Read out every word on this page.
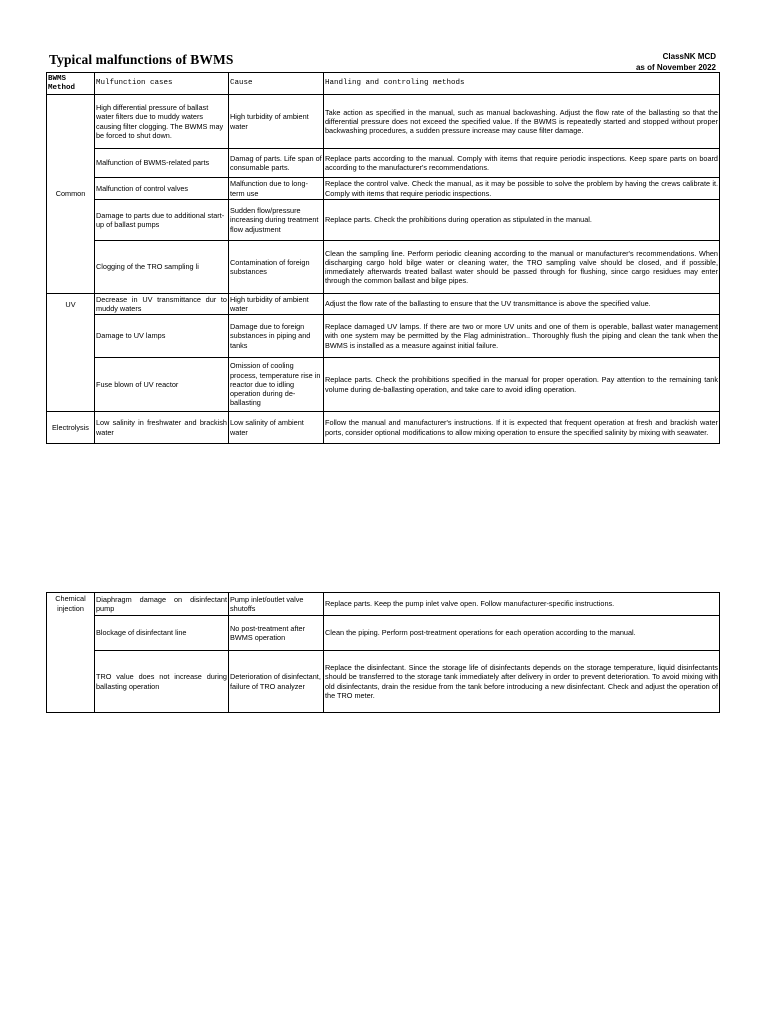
Typical malfunctions of BWMS	ClassNK MCD
as of November 2022
BWMS Method	Mulfunction cases	Cause	Handling and controling methods
Common	High differential pressure of ballast water filters due to muddy waters causing filter clogging. The BWMS may be forced to shut down.	High turbidity of ambient water	Take action as specified in the manual, such as manual backwashing. Adjust the flow rate of the ballasting so that the differential pressure does not exceed the specified value. If the BWMS is repeatedly started and stopped without proper backwashing procedures, a sudden pressure increase may cause filter damage.
	Malfunction of BWMS-related parts	Damag of parts. Life span of consumable parts.	Replace parts according to the manual. Comply with items that require periodic inspections. Keep spare parts on board according to the manufacturer's recommendations.
	Malfunction of control valves	Malfunction due to long-term use	Replace the control valve. Check the manual, as it may be possible to solve the problem by having the crews calibrate it. Comply with items that require periodic inspections.
	Damage to parts due to additional start-up of ballast pumps	Sudden flow/pressure increasing during treatment flow adjustment	Replace parts. Check the prohibitions during operation as stipulated in the manual.
	Clogging of the TRO sampling li	Contamination of foreign substances	Clean the sampling line. Perform periodic cleaning according to the manual or manufacturer's recommendations. When discharging cargo hold bilge water or cleaning water, the TRO sampling valve should be closed, and if possible, immediately afterwards treated ballast water should be passed through for flushing, since cargo residues may enter through the common ballast and bilge pipes.
UV	Decrease in UV transmittance dur to muddy waters	High turbidity of ambient water	Adjust the flow rate of the ballasting to ensure that the UV transmittance is above the specified value.
	Damage to UV lamps	Damage due to foreign substances in piping and tanks	Replace damaged UV lamps. If there are two or more UV units and one of them is operable, ballast water management with one system may be permitted by the Flag administration.. Thoroughly flush the piping and clean the tank when the BWMS is installed as a measure against initial failure.
	Fuse blown of UV reactor	Omission of cooling process, temperature rise in reactor due to idling operation during de-ballasting	Replace parts. Check the prohibitions specified in the manual for proper operation. Pay attention to the remaining tank volume during de-ballasting operation, and take care to avoid idling operation.
Electrolysis	Low salinity in freshwater and brackish water	Low salinity of ambient water	Follow the manual and manufacturer's instructions. If it is expected that frequent operation at fresh and brackish water ports, consider optional modifications to allow mixing operation to ensure the specified salinity by mixing with seawater.
Chemical injection	Diaphragm damage on disinfectant pump	Pump inlet/outlet valve shutoffs	Replace parts. Keep the pump inlet valve open. Follow manufacturer-specific instructions.
	Blockage of disinfectant line	No post-treatment after BWMS operation	Clean the piping. Perform post-treatment operations for each operation according to the manual.
	TRO value does not increase during ballasting operation	Deterioration of disinfectant, failure of TRO analyzer	Replace the disinfectant. Since the storage life of disinfectants depends on the storage temperature, liquid disinfectants should be transferred to the storage tank immediately after delivery in order to prevent deterioration. To avoid mixing with old disinfectants, drain the residue from the tank before introducing a new disinfectant. Check and adjust the operation of the TRO meter.
